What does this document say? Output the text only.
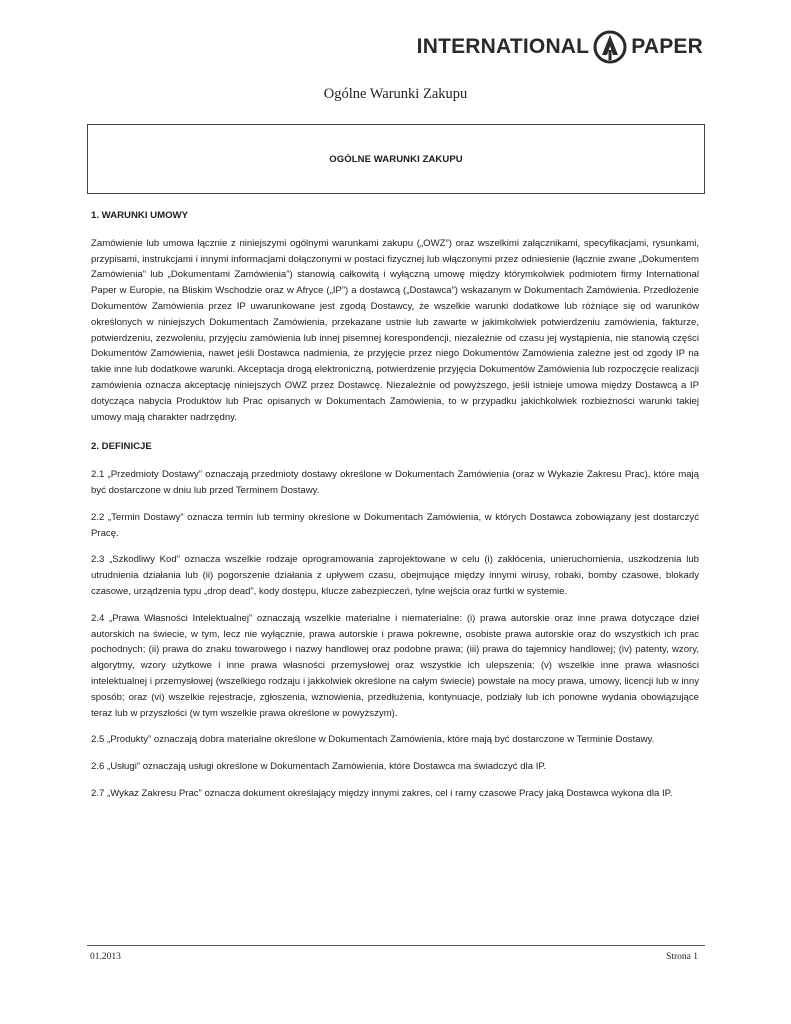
INTERNATIONAL PAPER
Ogólne Warunki Zakupu
OGÓLNE WARUNKI ZAKUPU
1. WARUNKI UMOWY

Zamówienie lub umowa łącznie z niniejszymi ogólnymi warunkami zakupu („OWZ”) oraz wszelkimi załącznikami, specyfikacjami, rysunkami, przypisami, instrukcjami i innymi informacjami dołączonymi w postaci fizycznej lub włączonymi przez odniesienie (łącznie zwane „Dokumentem Zamówienia” lub „Dokumentami Zamówienia”) stanowią całkowitą i wyłączną umowę między którymkolwiek podmiotem firmy International Paper w Europie, na Bliskim Wschodzie oraz w Afryce („IP”) a dostawcą („Dostawca”) wskazanym w Dokumentach Zamówienia. Przedłożenie Dokumentów Zamówienia przez IP uwarunkowane jest zgodą Dostawcy, że wszelkie warunki dodatkowe lub różniące się od warunków określonych w niniejszych Dokumentach Zamówienia, przekazane ustnie lub zawarte w jakimkolwiek potwierdzeniu zamówienia, fakturze, potwierdzeniu, zezwoleniu, przyjęciu zamówienia lub innej pisemnej korespondencji, niezależnie od czasu jej wystąpienia, nie stanowią części Dokumentów Zamówienia, nawet jeśli Dostawca nadmienia, że przyjęcie przez niego Dokumentów Zamówienia zależne jest od zgody IP na takie inne lub dodatkowe warunki. Akceptacja drogą elektroniczną, potwierdzenie przyjęcia Dokumentów Zamówienia lub rozpoczęcie realizacji zamówienia oznacza akceptację niniejszych OWZ przez Dostawcę. Niezależnie od powyższego, jeśli istnieje umowa między Dostawcą a IP dotycząca nabycia Produktów lub Prac opisanych w Dokumentach Zamówienia, to w przypadku jakichkolwiek rozbieżności warunki takiej umowy mają charakter nadrzędny.

2. DEFINICJE

2.1 „Przedmioty Dostawy” oznaczają przedmioty dostawy określone w Dokumentach Zamówienia (oraz w Wykazie Zakresu Prac), które mają być dostarczone w dniu lub przed Terminem Dostawy.

2.2 „Termin Dostawy” oznacza termin lub terminy określone w Dokumentach Zamówienia, w których Dostawca zobowiązany jest dostarczyć Pracę.

2.3 „Szkodliwy Kod” oznacza wszelkie rodzaje oprogramowania zaprojektowane w celu (i) zakłócenia, unieruchomienia, uszkodzenia lub utrudnienia działania lub (ii) pogorszenie działania z upływem czasu, obejmujące między innymi wirusy, robaki, bomby czasowe, blokady czasowe, urządzenia typu „drop dead”, kody dostępu, klucze zabezpieczeń, tylne wejścia oraz furtki w systemie.

2.4 „Prawa Własności Intelektualnej” oznaczają wszelkie materialne i niematerialne: (i) prawa autorskie oraz inne prawa dotyczące dzieł autorskich na świecie, w tym, lecz nie wyłącznie, prawa autorskie i prawa pokrewne, osobiste prawa autorskie oraz do wszystkich ich prac pochodnych; (ii) prawa do znaku towarowego i nazwy handlowej oraz podobne prawa; (iii) prawa do tajemnicy handlowej; (iv) patenty, wzory, algorytmy, wzory użytkowe i inne prawa własności przemysłowej oraz wszystkie ich ulepszenia; (v) wszelkie inne prawa własności intelektualnej i przemysłowej (wszelkiego rodzaju i jakkolwiek określone na całym świecie) powstałe na mocy prawa, umowy, licencji lub w inny sposób; oraz (vi) wszelkie rejestracje, zgłoszenia, wznowienia, przedłużenia, kontynuacje, podziały lub ich ponowne wydania obowiązujące teraz lub w przyszłości (w tym wszelkie prawa określone w powyższym).

2.5 „Produkty” oznaczają dobra materialne określone w Dokumentach Zamówienia, które mają być dostarczone w Terminie Dostawy.

2.6 „Usługi” oznaczają usługi określone w Dokumentach Zamówienia, które Dostawca ma świadczyć dla IP.

2.7 „Wykaz Zakresu Prac” oznacza dokument określający między innymi zakres, cel i ramy czasowe Pracy jaką Dostawca wykona dla IP.

01.2013	Strona 1
